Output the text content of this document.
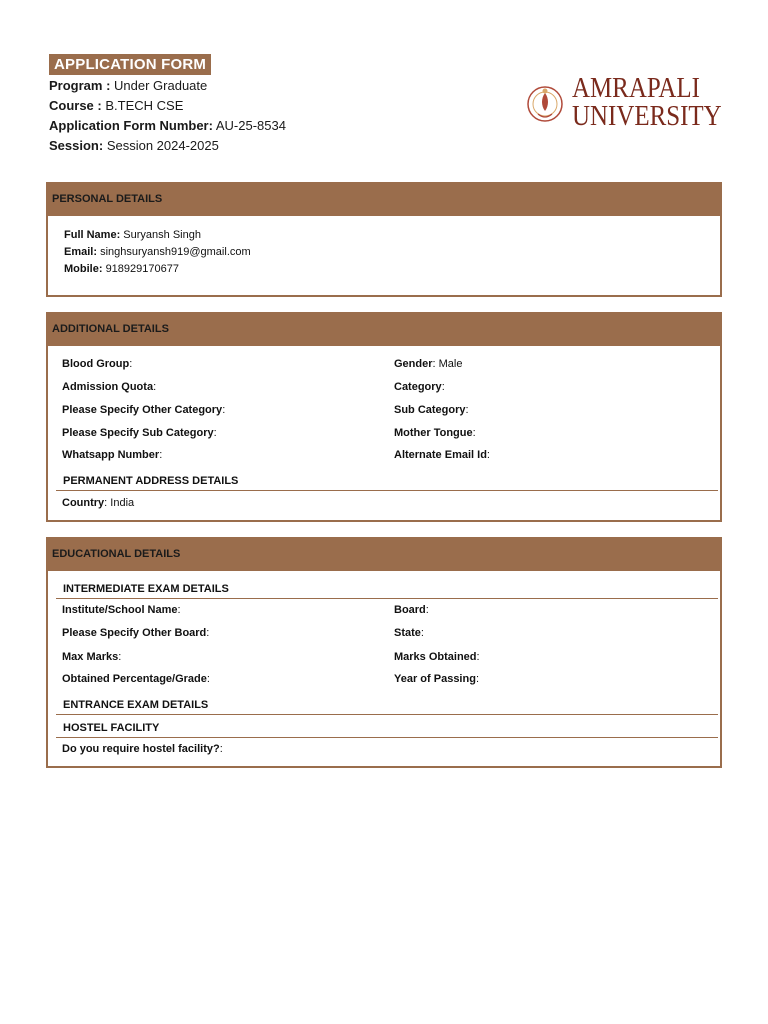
APPLICATION FORM
Program : Under Graduate
Course : B.TECH CSE
Application Form Number: AU-25-8534
Session: Session 2024-2025
AMRAPALI
UNIVERSITY
PERSONAL DETAILS
Full Name: Suryansh Singh
Email: singhsuryansh919@gmail.com
Mobile: 918929170677
ADDITIONAL DETAILS
Blood Group:
Admission Quota:
Please Specify Other Category:
Please Specify Sub Category:
Whatsapp Number:
Gender: Male
Category:
Sub Category:
Mother Tongue:
Alternate Email Id:
PERMANENT ADDRESS DETAILS
Country: India
EDUCATIONAL DETAILS
INTERMEDIATE EXAM DETAILS
Institute/School Name:
Please Specify Other Board:
Max Marks:
Obtained Percentage/Grade:
Board:
State:
Marks Obtained:
Year of Passing:
ENTRANCE EXAM DETAILS
HOSTEL FACILITY
Do you require hostel facility?:
